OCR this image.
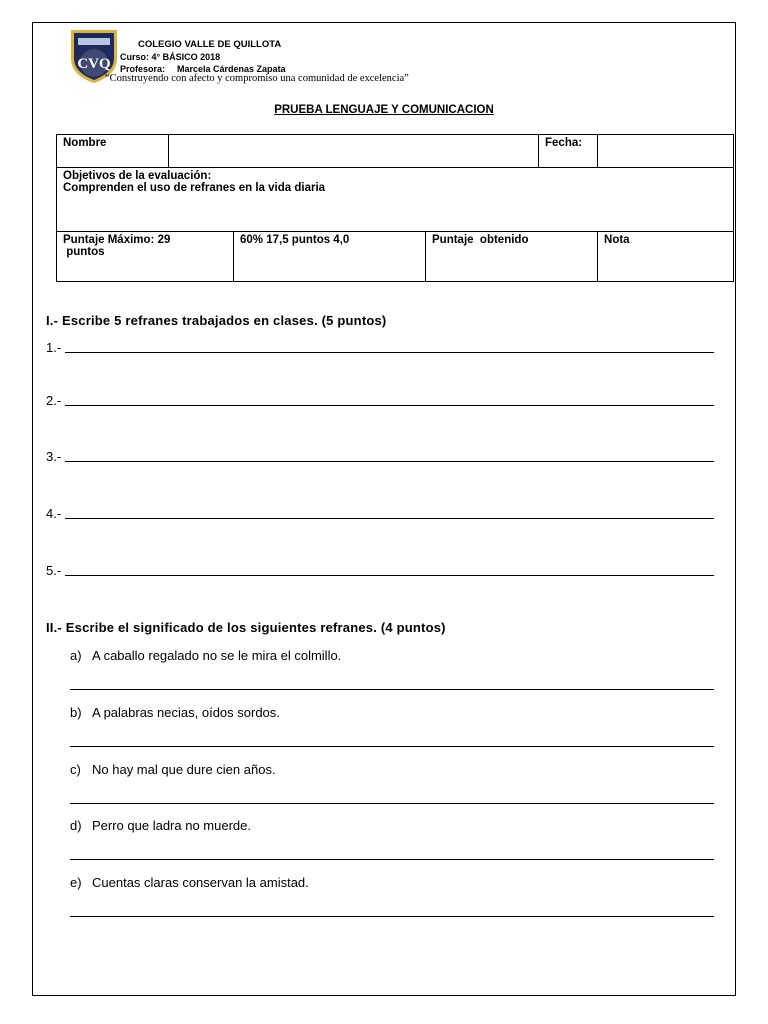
CVQ
COLEGIO VALLE DE QUILLOTA
Curso: 4° BÁSICO 2018
Profesora: Marcela Cárdenas Zapata
“Construyendo con afecto y compromiso una comunidad de excelencia”
PRUEBA LENGUAJE Y COMUNICACION
Nombre				Fecha:	

Objetivos de la evaluación:
Comprenden el uso de refranes en la vida diaria					

Puntaje Máximo: 29
puntos		60% 17,5 puntos 4,0	Puntaje  obtenido		Nota
I.- Escribe 5 refranes trabajados en clases. (5 puntos)
1.-
2.-
3.-
4.-
5.-
II.- Escribe el significado de los siguientes refranes. (4 puntos)
a) A caballo regalado no se le mira el colmillo.
b) A palabras necias, oídos sordos.
c) No hay mal que dure cien años.
d) Perro que ladra no muerde.
e) Cuentas claras conservan la amistad.
